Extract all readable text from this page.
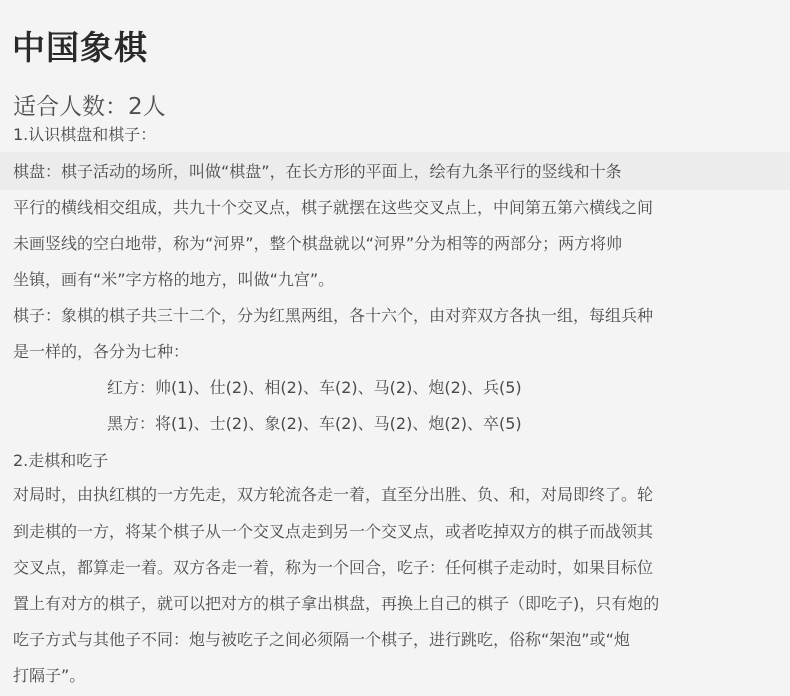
中国象棋
适合人数：2人
1.认识棋盘和棋子：
棋盘：棋子活动的场所，叫做“棋盘”，在长方形的平面上，绘有九条平行的竖线和十条
平行的横线相交组成，共九十个交叉点，棋子就摆在这些交叉点上，中间第五第六横线之间
未画竖线的空白地带，称为“河界”，整个棋盘就以“河界”分为相等的两部分；两方将帅
坐镇，画有“米”字方格的地方，叫做“九宫”。
棋子：象棋的棋子共三十二个，分为红黑两组，各十六个，由对弈双方各执一组，每组兵种
是一样的，各分为七种：
红方：帅(1)、仕(2)、相(2)、车(2)、马(2)、炮(2)、兵(5)
黑方：将(1)、士(2)、象(2)、车(2)、马(2)、炮(2)、卒(5)
2.走棋和吃子
对局时，由执红棋的一方先走，双方轮流各走一着，直至分出胜、负、和，对局即终了。轮
到走棋的一方，将某个棋子从一个交叉点走到另一个交叉点，或者吃掉双方的棋子而战领其
交叉点，都算走一着。双方各走一着，称为一个回合，吃子：任何棋子走动时，如果目标位
置上有对方的棋子，就可以把对方的棋子拿出棋盘，再换上自己的棋子（即吃子)，只有炮的
吃子方式与其他子不同：炮与被吃子之间必须隔一个棋子，进行跳吃，俗称“架泡”或“炮
打隔子”。
